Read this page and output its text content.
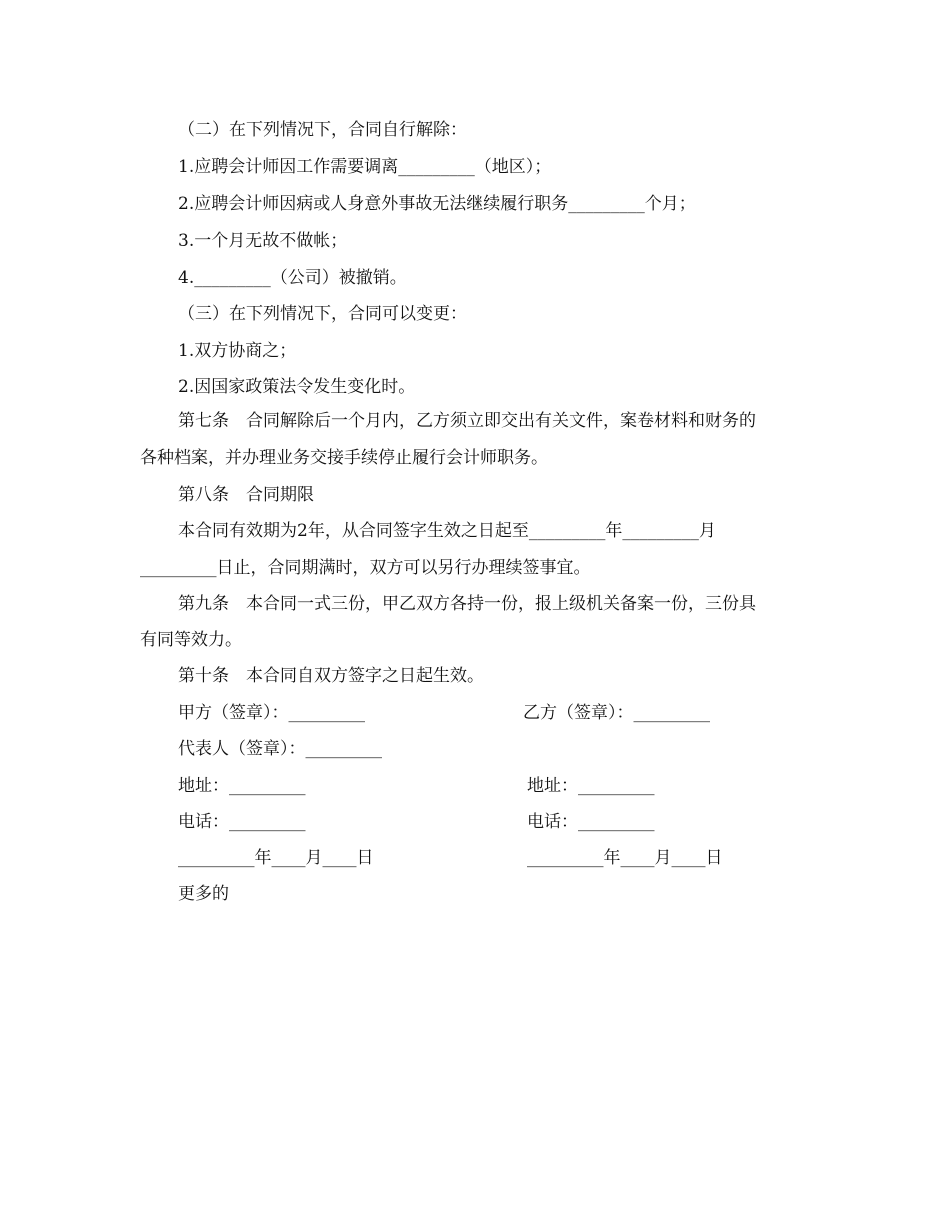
（二）在下列情况下，合同自行解除：
1.应聘会计师因工作需要调离_________（地区）；
2.应聘会计师因病或人身意外事故无法继续履行职务_________个月；
3.一个月无故不做帐；
4._________（公司）被撤销。
（三）在下列情况下，合同可以变更：
1.双方协商之；
2.因国家政策法令发生变化时。
第七条　合同解除后一个月内，乙方须立即交出有关文件，案卷材料和财务的
各种档案，并办理业务交接手续停止履行会计师职务。
第八条　合同期限
本合同有效期为2年，从合同签字生效之日起至_________年_________月
_________日止，合同期满时，双方可以另行办理续签事宜。
第九条　本合同一式三份，甲乙双方各持一份，报上级机关备案一份，三份具
有同等效力。
第十条　本合同自双方签字之日起生效。
甲方（签章）：_________	乙方（签章）：_________
代表人（签章）：_________
地址：_________	地址：_________
电话：_________	电话：_________
_________年____月____日	_________年____月____日
更多的
